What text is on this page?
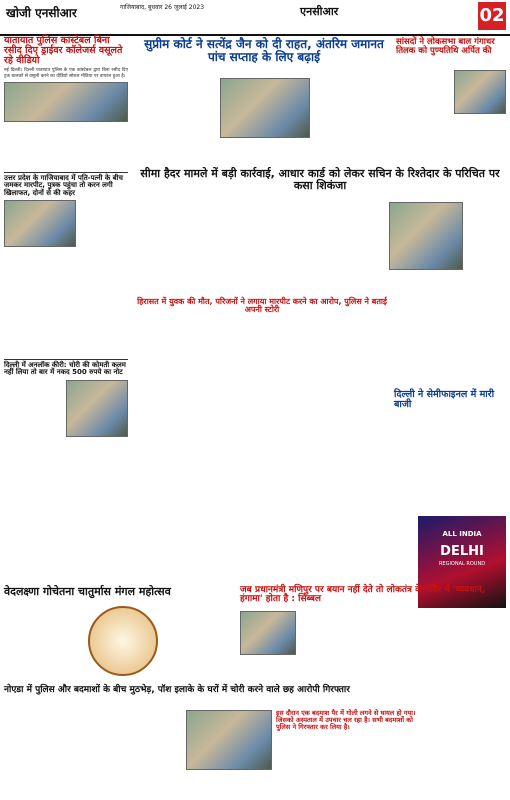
खोजी एनसीआर	गाजियाबाद, बुधवार 26 जुलाई 2023	एनसीआर	02
यातायात पुलिस कांस्टेबल बिना रसीद दिए ड्राईवर कॉलेजर्स वसूलते रहे वीडियो
नई दिल्ली। दिल्ली यातायात पुलिस के एक कांस्टेबल द्वारा बिना रसीद दिए ट्रक चालकों से वसूली करने का वीडियो सोशल मीडिया पर वायरल हुआ है।
उत्तर प्रदेश के गाजियाबाद में पति-पत्नी के बीच जमकर मारपीट, पुत्रक पहुंचा तो करन लगी खिलाफत, दोनों से की कहर
दिल्ली में अनलॉक कीरी: चोरी की कोमती कलम नहीं लिया तो बार में नकद 500 रुपये का नोट
सुप्रीम कोर्ट ने सत्येंद्र जैन को दी राहत, अंतरिम जमानत पांच सप्ताह के लिए बढ़ाई
सांसदों ने लोकसभा बाल गंगाधर तिलक को पुण्यतिथि अर्पित की
सीमा हैदर मामले में बड़ी कार्रवाई, आधार कार्ड को लेकर सचिन के रिश्तेदार के परिचित पर कसा शिकंजा
हिरासत में युवक की मौत, परिजनों ने लगाया मारपीट करने का आरोप, पुलिस ने बताई अपनी स्टोरी
दिल्ली ने सेमीफाइनल में मारी बाजी
ALL INDIA
DELHI
REGIONAL ROUND
वेदलक्ष्णा गोचेतना चातुर्मास मंगल महोत्सव	जब प्रधानमंत्री मणिपुर पर बयान नहीं देते तो लोकतंत्र के मंदिर में 'व्यवधान, हंगामा' होता है : सिब्बल
नोएडा में पुलिस और बदमाशों के बीच मुठभेड़, पॉश इलाके के घरों में चोरी करने वाले छह आरोपी गिरफ्तार
इस दौरान एक बदमाश पैर में गोली लगने से घायल हो गया। जिसको अस्पताल में उपचार चल रहा है। सभी बदमाशों को पुलिस ने गिरफ्तार कर लिया है।
